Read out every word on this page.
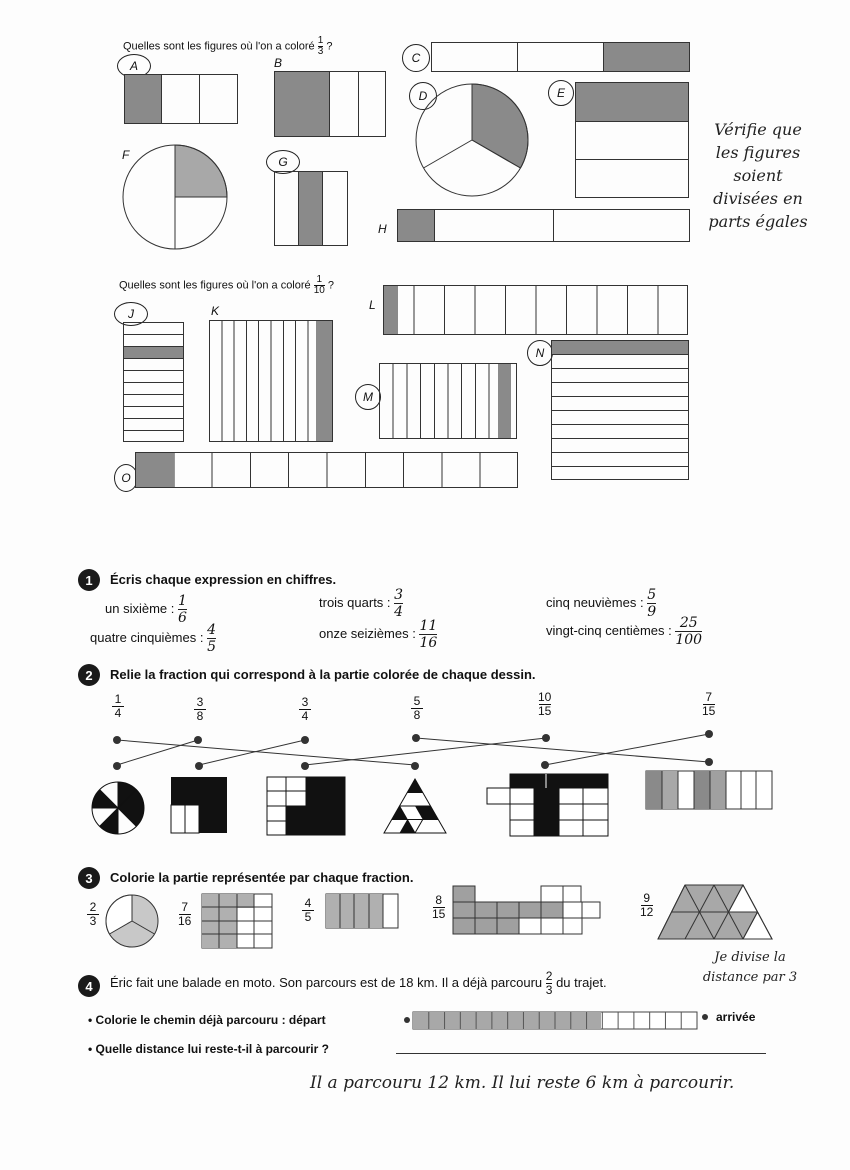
Quelles sont les figures où l'on a coloré $\frac{1}{3}$ ?
A	B	C
D	E
F	G
H
Vérifie que les figures soient divisées en parts égales
Quelles sont les figures où l'on a coloré $\frac{1}{10}$ ?
J	K	L
M
N
O
1	Écris chaque expression en chiffres.
un sixième : $\frac{1}{6}$	trois quarts : $\frac{3}{4}$	cinq neuvièmes : $\frac{5}{9}$
quatre cinquièmes : $\frac{4}{5}$	onze seizièmes : $\frac{11}{16}$	vingt-cinq centièmes : $\frac{25}{100}$
2	Relie la fraction qui correspond à la partie colorée de chaque dessin.
1
4
3
8
3
4
5
8
10
15
7
15
3	Colorie la partie représentée par chaque fraction.
2
3
7
16
4
5
8
15
9
12
4	Éric fait une balade en moto. Son parcours est de 18 km. Il a déjà parcouru $\frac{2}{3}$ du trajet.
Je divise la distance par 3
• Colorie le chemin déjà parcouru : départ	arrivée
• Quelle distance lui reste-t-il à parcourir ?
Il a parcouru 12 km. Il lui reste 6 km à parcourir.
